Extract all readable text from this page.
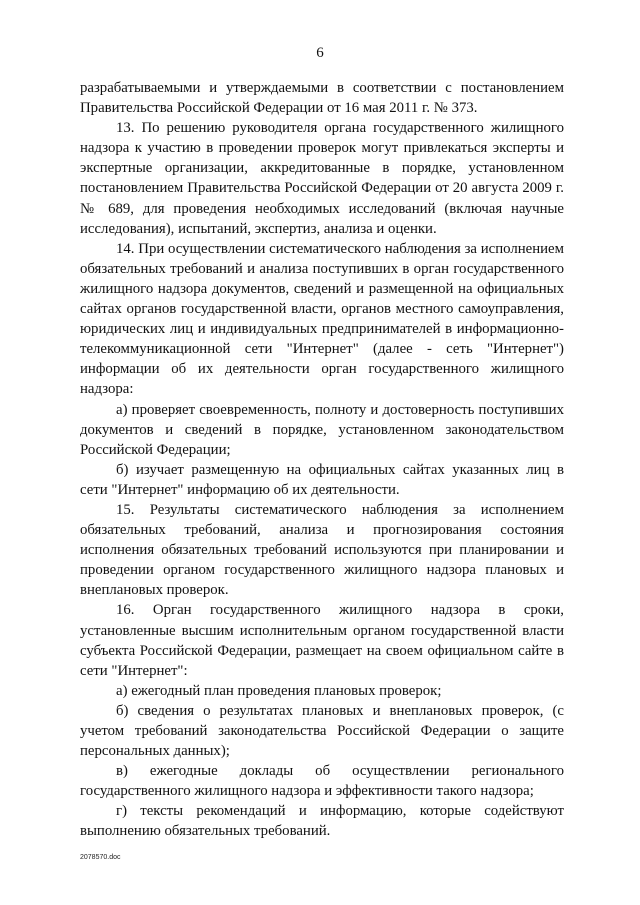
6

разрабатываемыми и утверждаемыми в соответствии с постановлением Правительства Российской Федерации от 16 мая 2011 г. № 373.

13. По решению руководителя органа государственного жилищного надзора к участию в проведении проверок могут привлекаться эксперты и экспертные организации, аккредитованные в порядке, установленном постановлением Правительства Российской Федерации от 20 августа 2009 г. № 689, для проведения необходимых исследований (включая научные исследования), испытаний, экспертиз, анализа и оценки.

14. При осуществлении систематического наблюдения за исполнением обязательных требований и анализа поступивших в орган государственного жилищного надзора документов, сведений и размещенной на официальных сайтах органов государственной власти, органов местного самоуправления, юридических лиц и индивидуальных предпринимателей в информационно-телекоммуникационной сети "Интернет" (далее - сеть "Интернет") информации об их деятельности орган государственного жилищного надзора:

а) проверяет своевременность, полноту и достоверность поступивших документов и сведений в порядке, установленном законодательством Российской Федерации;

б) изучает размещенную на официальных сайтах указанных лиц в сети "Интернет" информацию об их деятельности.

15. Результаты систематического наблюдения за исполнением обязательных требований, анализа и прогнозирования состояния исполнения обязательных требований используются при планировании и проведении органом государственного жилищного надзора плановых и внеплановых проверок.

16. Орган государственного жилищного надзора в сроки, установленные высшим исполнительным органом государственной власти субъекта Российской Федерации, размещает на своем официальном сайте в сети "Интернет":

а) ежегодный план проведения плановых проверок;

б) сведения о результатах плановых и внеплановых проверок, (с учетом требований законодательства Российской Федерации о защите персональных данных);

в) ежегодные доклады об осуществлении регионального государственного жилищного надзора и эффективности такого надзора;

г) тексты рекомендаций и информацию, которые содействуют выполнению обязательных требований.

2078570.doc
